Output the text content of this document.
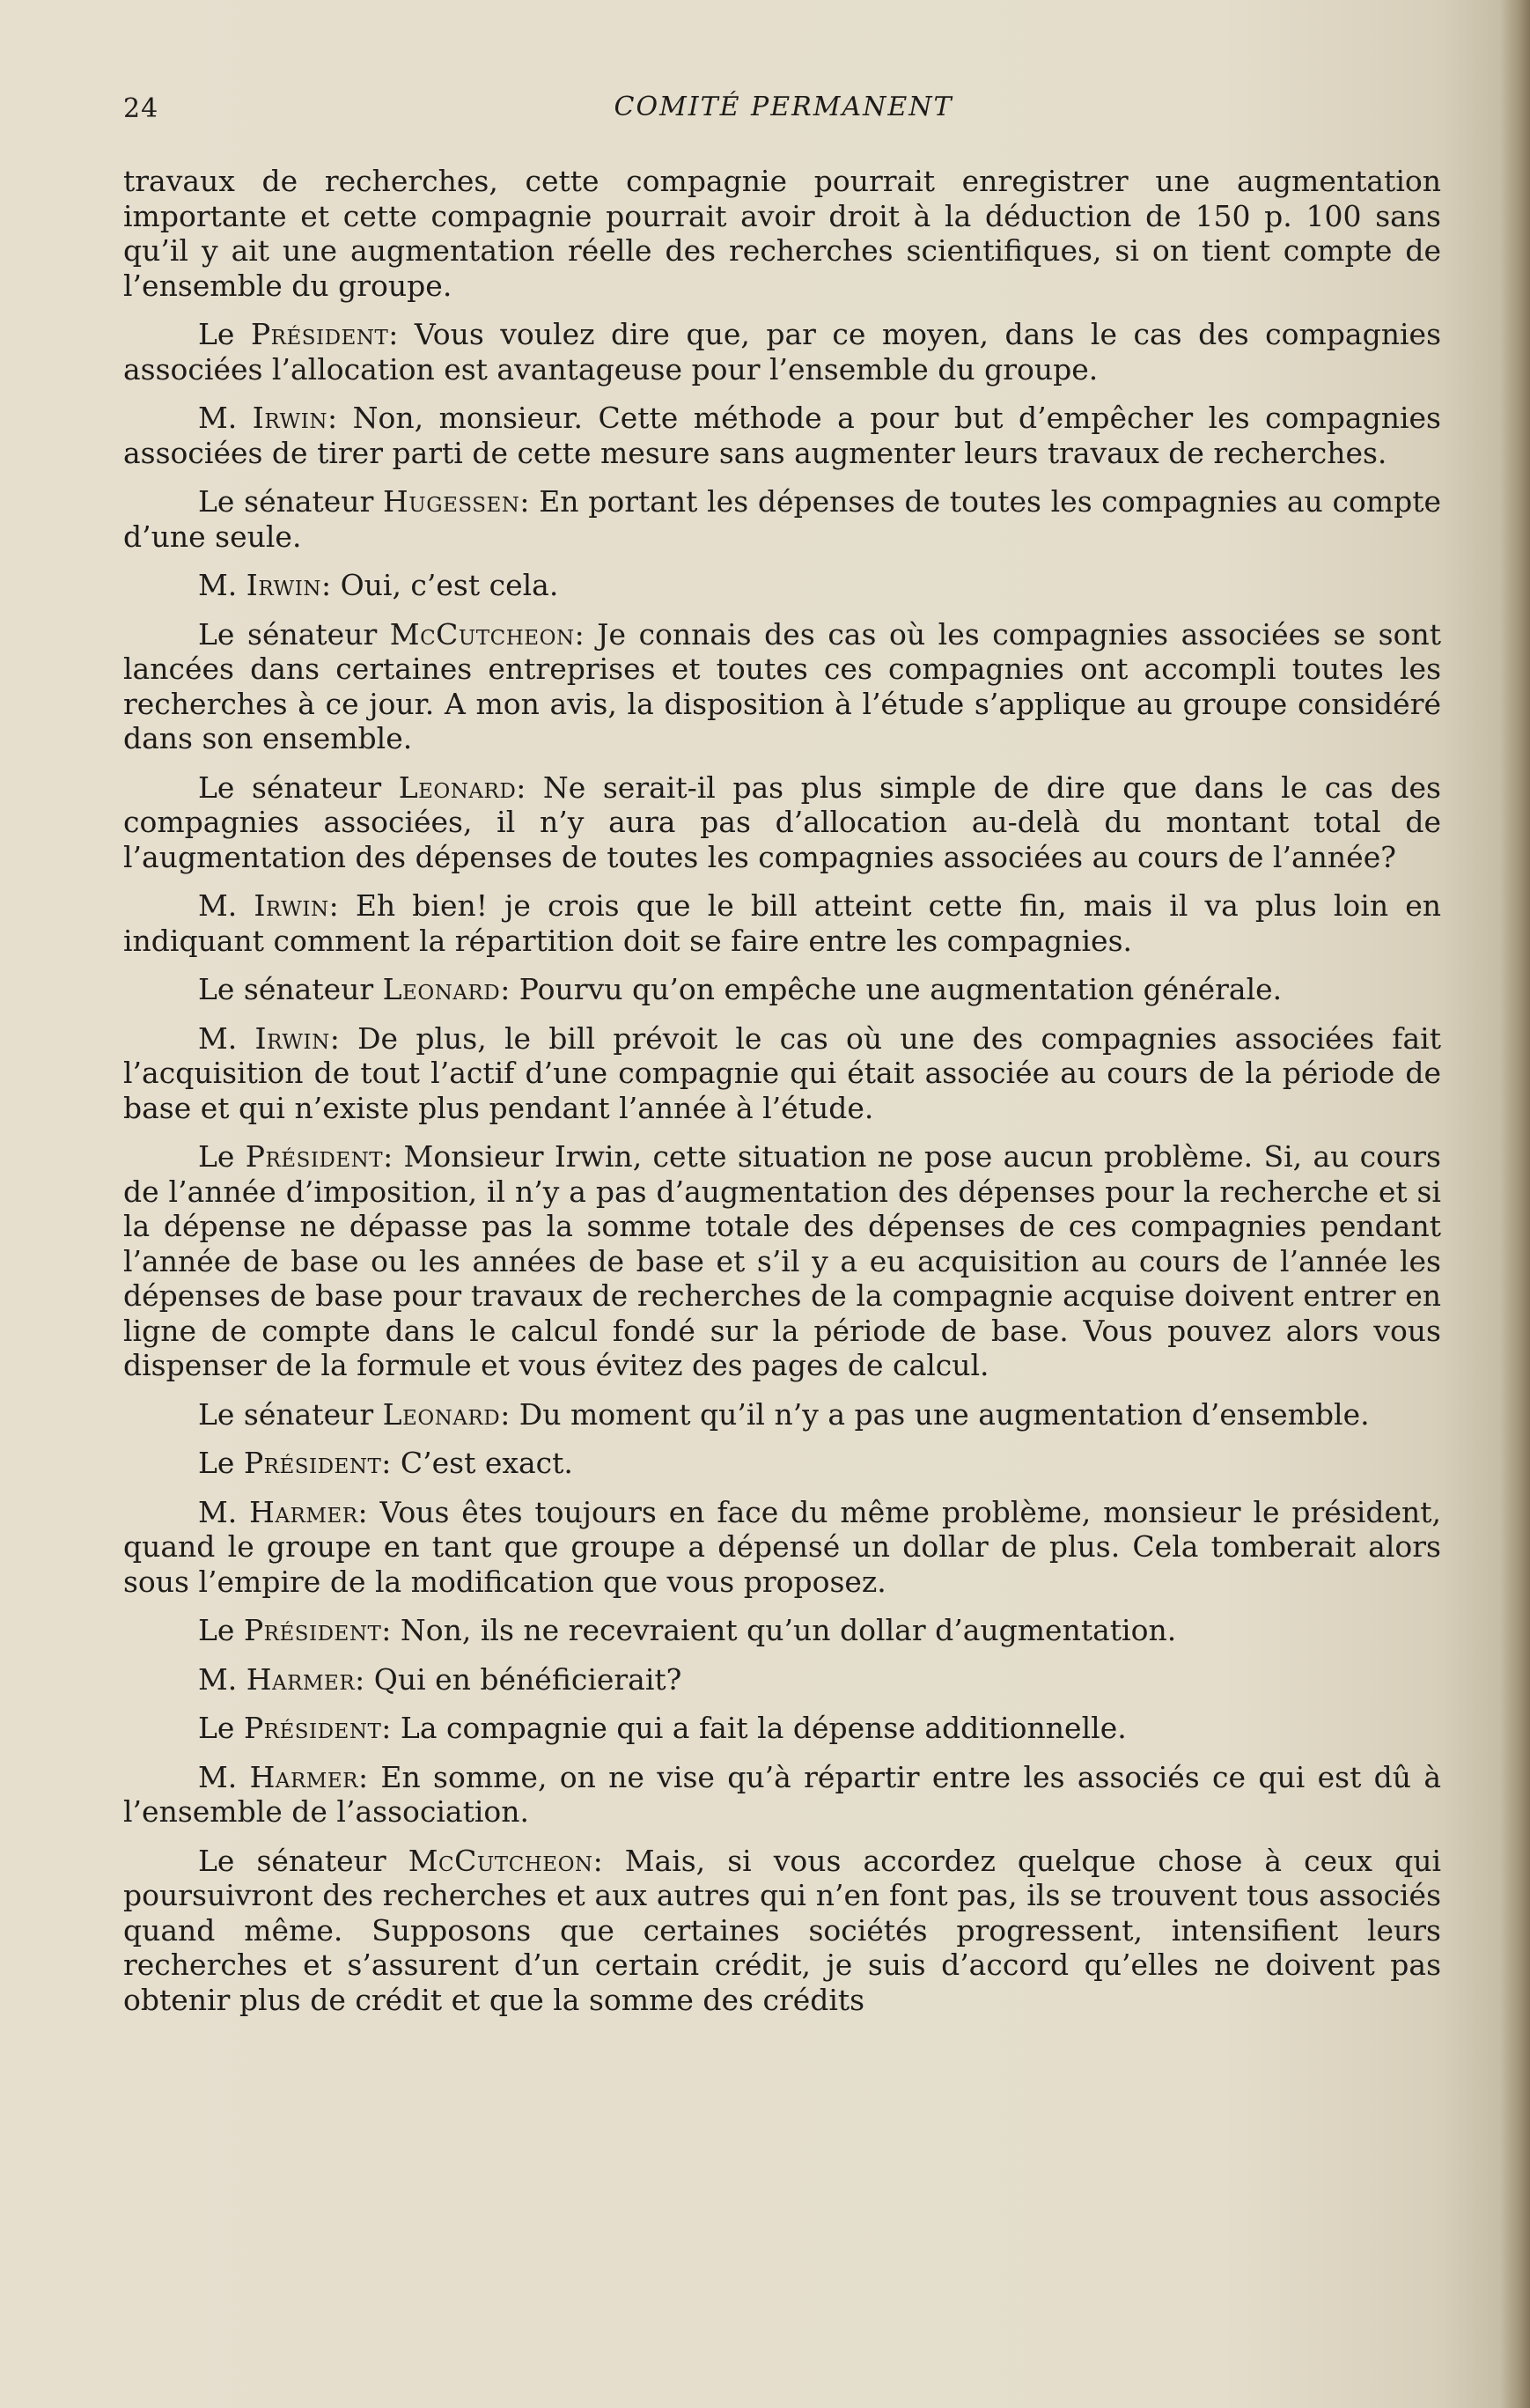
24	COMITÉ PERMANENT

travaux de recherches, cette compagnie pourrait enregistrer une augmentation importante et cette compagnie pourrait avoir droit à la déduction de 150 p. 100 sans qu’il y ait une augmentation réelle des recherches scientifiques, si on tient compte de l’ensemble du groupe.

Le Président: Vous voulez dire que, par ce moyen, dans le cas des compagnies associées l’allocation est avantageuse pour l’ensemble du groupe.

M. Irwin: Non, monsieur. Cette méthode a pour but d’empêcher les compagnies associées de tirer parti de cette mesure sans augmenter leurs travaux de recherches.

Le sénateur Hugessen: En portant les dépenses de toutes les compagnies au compte d’une seule.

M. Irwin: Oui, c’est cela.

Le sénateur McCutcheon: Je connais des cas où les compagnies associées se sont lancées dans certaines entreprises et toutes ces compagnies ont accompli toutes les recherches à ce jour. A mon avis, la disposition à l’étude s’applique au groupe considéré dans son ensemble.

Le sénateur Leonard: Ne serait-il pas plus simple de dire que dans le cas des compagnies associées, il n’y aura pas d’allocation au-delà du montant total de l’augmentation des dépenses de toutes les compagnies associées au cours de l’année?

M. Irwin: Eh bien! je crois que le bill atteint cette fin, mais il va plus loin en indiquant comment la répartition doit se faire entre les compagnies.

Le sénateur Leonard: Pourvu qu’on empêche une augmentation générale.

M. Irwin: De plus, le bill prévoit le cas où une des compagnies associées fait l’acquisition de tout l’actif d’une compagnie qui était associée au cours de la période de base et qui n’existe plus pendant l’année à l’étude.

Le Président: Monsieur Irwin, cette situation ne pose aucun problème. Si, au cours de l’année d’imposition, il n’y a pas d’augmentation des dépenses pour la recherche et si la dépense ne dépasse pas la somme totale des dépenses de ces compagnies pendant l’année de base ou les années de base et s’il y a eu acquisition au cours de l’année les dépenses de base pour travaux de recherches de la compagnie acquise doivent entrer en ligne de compte dans le calcul fondé sur la période de base. Vous pouvez alors vous dispenser de la formule et vous évitez des pages de calcul.

Le sénateur Leonard: Du moment qu’il n’y a pas une augmentation d’ensemble.

Le Président: C’est exact.

M. Harmer: Vous êtes toujours en face du même problème, monsieur le président, quand le groupe en tant que groupe a dépensé un dollar de plus. Cela tomberait alors sous l’empire de la modification que vous proposez.

Le Président: Non, ils ne recevraient qu’un dollar d’augmentation.

M. Harmer: Qui en bénéficierait?

Le Président: La compagnie qui a fait la dépense additionnelle.

M. Harmer: En somme, on ne vise qu’à répartir entre les associés ce qui est dû à l’ensemble de l’association.

Le sénateur McCutcheon: Mais, si vous accordez quelque chose à ceux qui poursuivront des recherches et aux autres qui n’en font pas, ils se trouvent tous associés quand même. Supposons que certaines sociétés progressent, intensifient leurs recherches et s’assurent d’un certain crédit, je suis d’accord qu’elles ne doivent pas obtenir plus de crédit et que la somme des crédits
